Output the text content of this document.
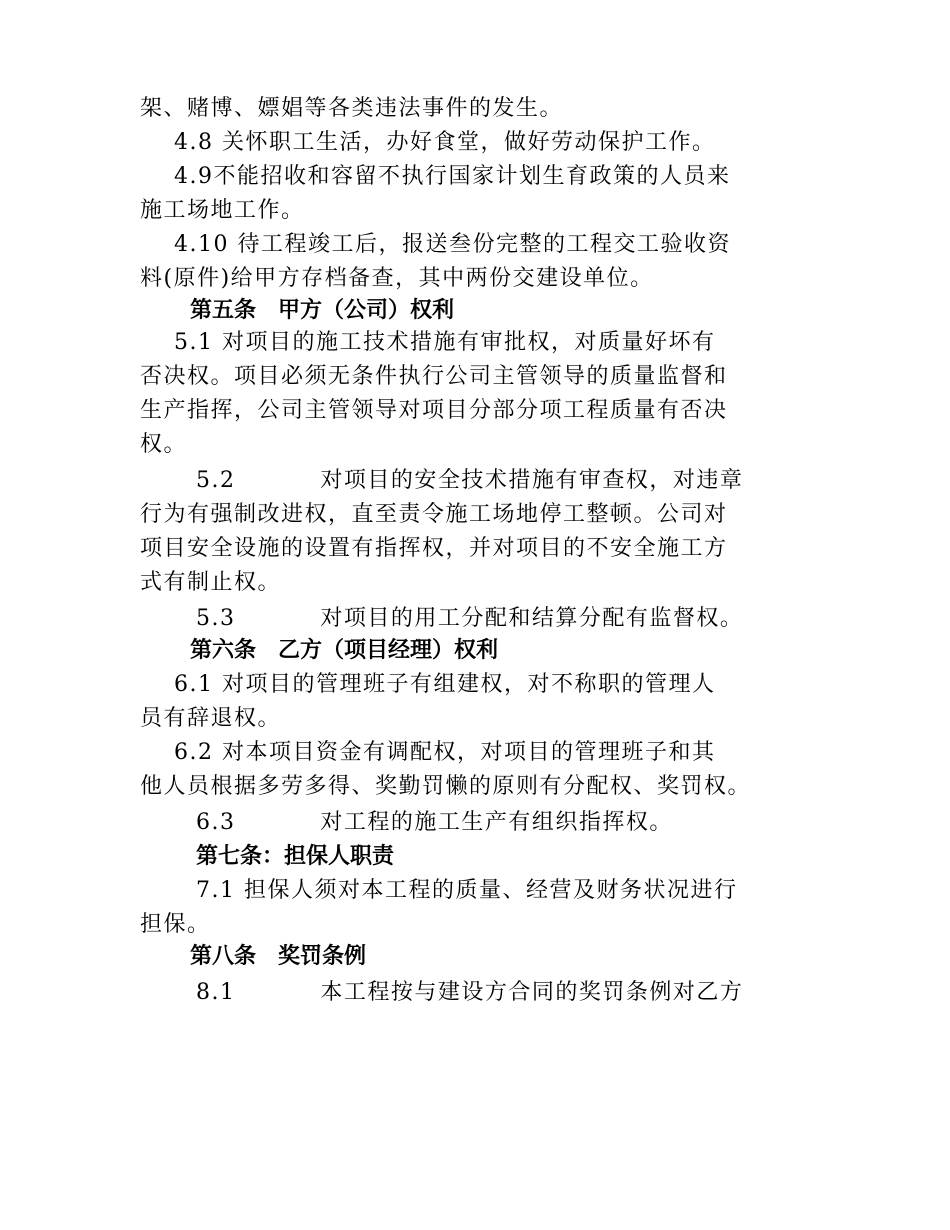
架、赌博、嫖娼等各类违法事件的发生。
4.8 关怀职工生活，办好食堂，做好劳动保护工作。
4.9不能招收和容留不执行国家计划生育政策的人员来
施工场地工作。
4.10 待工程竣工后，报送叁份完整的工程交工验收资
料(原件)给甲方存档备查，其中两份交建设单位。
第五条　甲方（公司）权利
5.1 对项目的施工技术措施有审批权，对质量好坏有
否决权。项目必须无条件执行公司主管领导的质量监督和
生产指挥，公司主管领导对项目分部分项工程质量有否决
权。
5.2          对项目的安全技术措施有审查权，对违章
行为有强制改进权，直至责令施工场地停工整顿。公司对
项目安全设施的设置有指挥权，并对项目的不安全施工方
式有制止权。
5.3          对项目的用工分配和结算分配有监督权。
第六条　乙方（项目经理）权利
6.1 对项目的管理班子有组建权，对不称职的管理人
员有辞退权。
6.2 对本项目资金有调配权，对项目的管理班子和其
他人员根据多劳多得、奖勤罚懒的原则有分配权、奖罚权。
6.3          对工程的施工生产有组织指挥权。
第七条：担保人职责
7.1 担保人须对本工程的质量、经营及财务状况进行
担保。
第八条　奖罚条例
8.1          本工程按与建设方合同的奖罚条例对乙方
